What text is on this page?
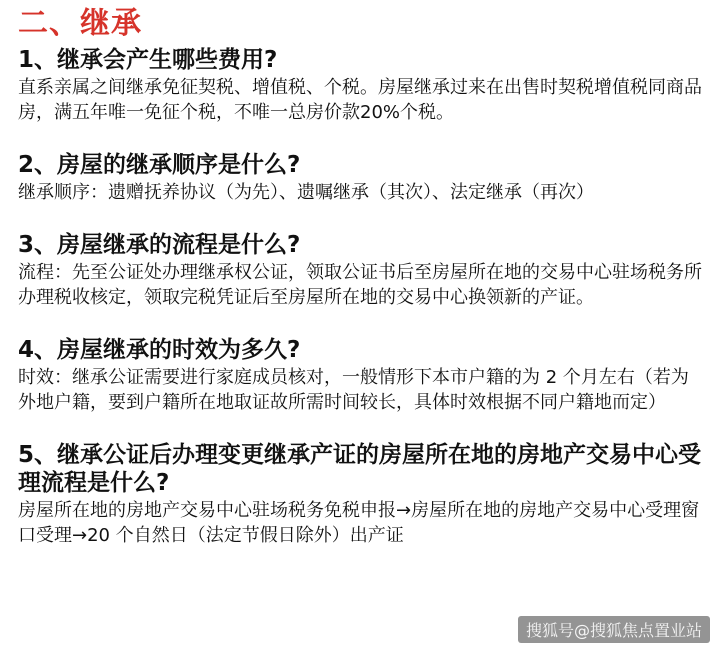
二、继承

1、继承会产生哪些费用?

直系亲属之间继承免征契税、增值税、个税。房屋继承过来在出售时契税增值税同商品房，满五年唯一免征个税，不唯一总房价款20%个税。

2、房屋的继承顺序是什么?

继承顺序：遗赠抚养协议（为先）、遗嘱继承（其次）、法定继承（再次）

3、房屋继承的流程是什么?

流程：先至公证处办理继承权公证，领取公证书后至房屋所在地的交易中心驻场税务所办理税收核定，领取完税凭证后至房屋所在地的交易中心换领新的产证。

4、房屋继承的时效为多久?

时效：继承公证需要进行家庭成员核对，一般情形下本市户籍的为 2 个月左右（若为外地户籍，要到户籍所在地取证故所需时间较长，具体时效根据不同户籍地而定）

5、继承公证后办理变更继承产证的房屋所在地的房地产交易中心受理流程是什么?

房屋所在地的房地产交易中心驻场税务免税申报→房屋所在地的房地产交易中心受理窗口受理→20 个自然日（法定节假日除外）出产证

搜狐号@搜狐焦点置业站
